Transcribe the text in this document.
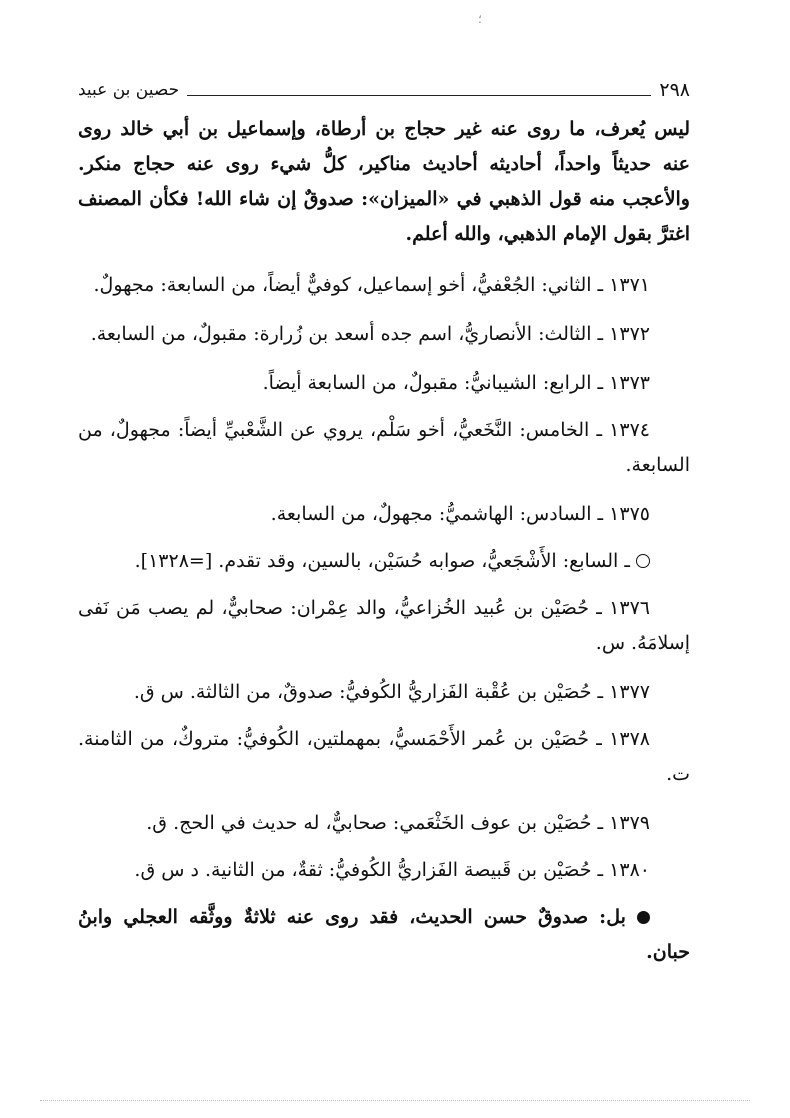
؛
حصين بن عبيد	٢٩٨

ليس يُعرف، ما روى عنه غير حجاج بن أرطاة، وإسماعيل بن أبي خالد روى عنه حديثاً واحداً، أحاديثه أحاديث مناكير، كلُّ شيء روى عنه حجاج منكر. والأعجب منه قول الذهبي في «الميزان»: صدوقٌ إن شاء الله! فكأن المصنف اغترَّ بقول الإمام الذهبي، والله أعلم.

١٣٧١ ـ الثاني: الجُعْفيُّ، أخو إسماعيل، كوفيٌّ أيضاً، من السابعة: مجهولٌ.

١٣٧٢ ـ الثالث: الأنصاريُّ، اسم جده أسعد بن زُرارة: مقبولٌ، من السابعة.

١٣٧٣ ـ الرابع: الشيبانيُّ: مقبولٌ، من السابعة أيضاً.

١٣٧٤ ـ الخامس: النَّخَعيُّ، أخو سَلْم، يروي عن الشَّعْبيِّ أيضاً: مجهولٌ، من السابعة.

١٣٧٥ ـ السادس: الهاشميُّ: مجهولٌ، من السابعة.

ـ السابع: الأَشْجَعيُّ، صوابه حُسَيْن، بالسين، وقد تقدم. [=١٣٢٨].

١٣٧٦ ـ حُصَيْن بن عُبيد الخُزاعيُّ، والد عِمْران: صحابيٌّ، لم يصب مَن نَفى إسلامَهُ. س.

١٣٧٧ ـ حُصَيْن بن عُقْبة الفَزاريُّ الكُوفيُّ: صدوقٌ، من الثالثة. س ق.

١٣٧٨ ـ حُصَيْن بن عُمر الأَحْمَسيُّ، بمهملتين، الكُوفيُّ: متروكٌ، من الثامنة. ت.

١٣٧٩ ـ حُصَيْن بن عوف الخَثْعَمي: صحابيٌّ، له حديث في الحج. ق.

١٣٨٠ ـ حُصَيْن بن قَبيصة الفَزاريُّ الكُوفيُّ: ثقةٌ، من الثانية. د س ق.

بل: صدوقٌ حسن الحديث، فقد روى عنه ثلاثةٌ ووثَّقه العجلي وابنُ حبان.
